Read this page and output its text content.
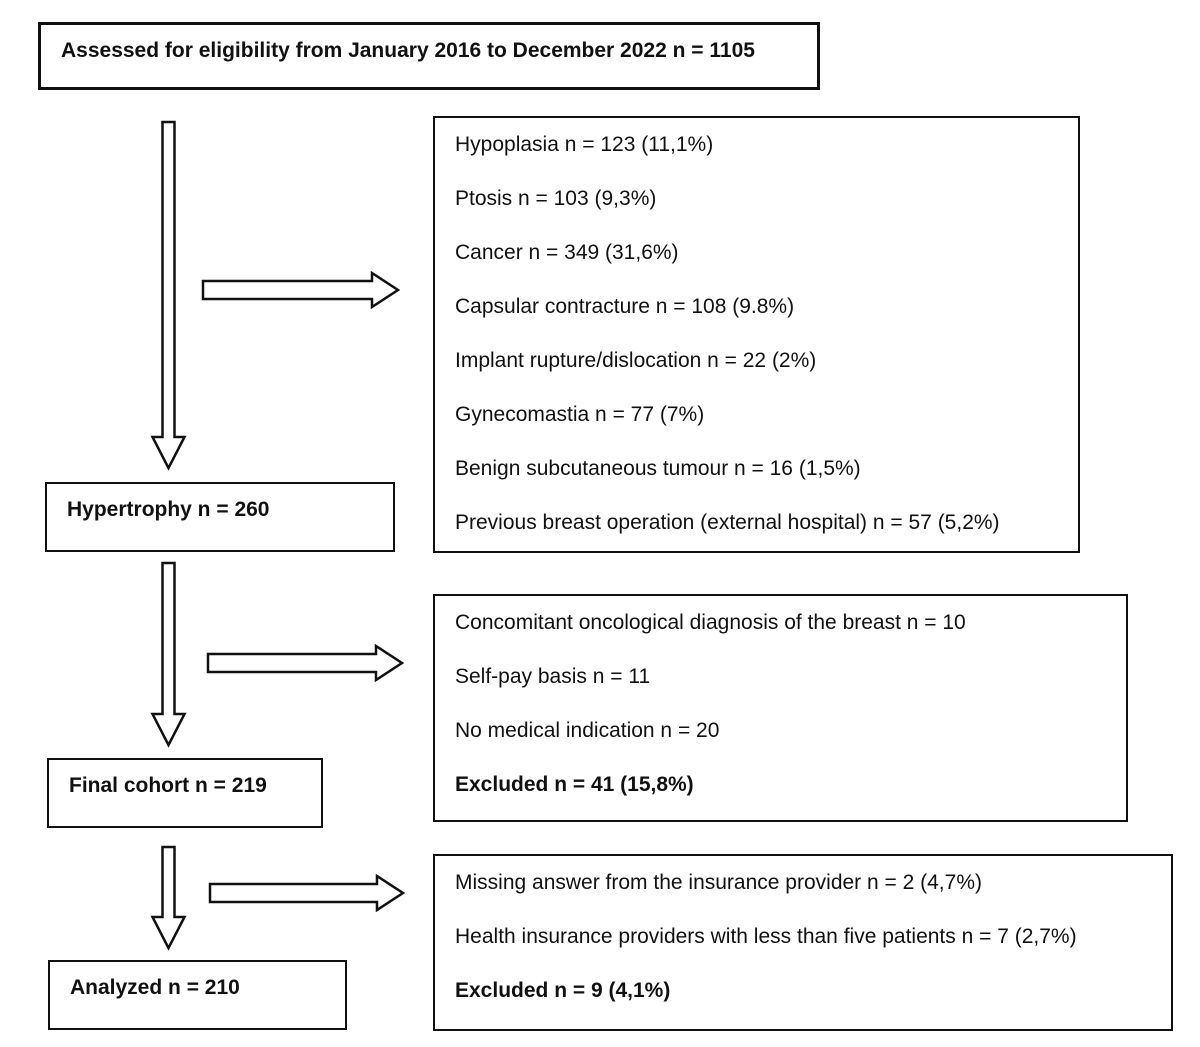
Assessed for eligibility from January 2016 to December 2022 n = 1105
Hypoplasia n = 123 (11,1%)
Ptosis n = 103 (9,3%)
Cancer n = 349 (31,6%)
Capsular contracture n = 108 (9.8%)
Implant rupture/dislocation n = 22 (2%)
Gynecomastia n = 77 (7%)
Benign subcutaneous tumour n = 16 (1,5%)
Previous breast operation (external hospital) n = 57 (5,2%)
Hypertrophy n = 260
Concomitant oncological diagnosis of the breast n = 10
Self-pay basis n = 11
No medical indication n = 20
Excluded n = 41 (15,8%)
Final cohort n = 219
Missing answer from the insurance provider n = 2 (4,7%)
Health insurance providers with less than five patients n = 7 (2,7%)
Excluded n = 9 (4,1%)
Analyzed n = 210
